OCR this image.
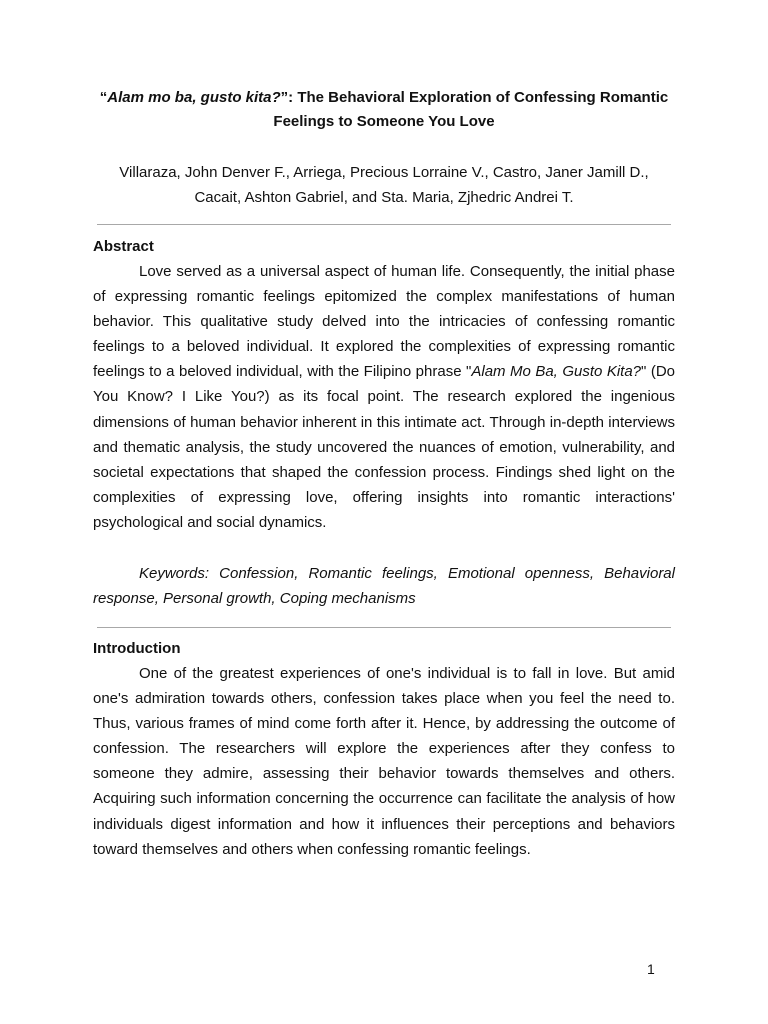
“Alam mo ba, gusto kita?”: The Behavioral Exploration of Confessing Romantic Feelings to Someone You Love
Villaraza, John Denver F., Arriega, Precious Lorraine V., Castro, Janer Jamill D.,
Cacait, Ashton Gabriel, and Sta. Maria, Zjhedric Andrei T.
Abstract

Love served as a universal aspect of human life. Consequently, the initial phase of expressing romantic feelings epitomized the complex manifestations of human behavior. This qualitative study delved into the intricacies of confessing romantic feelings to a beloved individual. It explored the complexities of expressing romantic feelings to a beloved individual, with the Filipino phrase "Alam Mo Ba, Gusto Kita?" (Do You Know? I Like You?) as its focal point. The research explored the ingenious dimensions of human behavior inherent in this intimate act. Through in-depth interviews and thematic analysis, the study uncovered the nuances of emotion, vulnerability, and societal expectations that shaped the confession process. Findings shed light on the complexities of expressing love, offering insights into romantic interactions' psychological and social dynamics.

Keywords: Confession, Romantic feelings, Emotional openness, Behavioral response, Personal growth, Coping mechanisms

Introduction

One of the greatest experiences of one's individual is to fall in love. But amid one's admiration towards others, confession takes place when you feel the need to. Thus, various frames of mind come forth after it. Hence, by addressing the outcome of confession. The researchers will explore the experiences after they confess to someone they admire, assessing their behavior towards themselves and others. Acquiring such information concerning the occurrence can facilitate the analysis of how individuals digest information and how it influences their perceptions and behaviors toward themselves and others when confessing romantic feelings.

1
